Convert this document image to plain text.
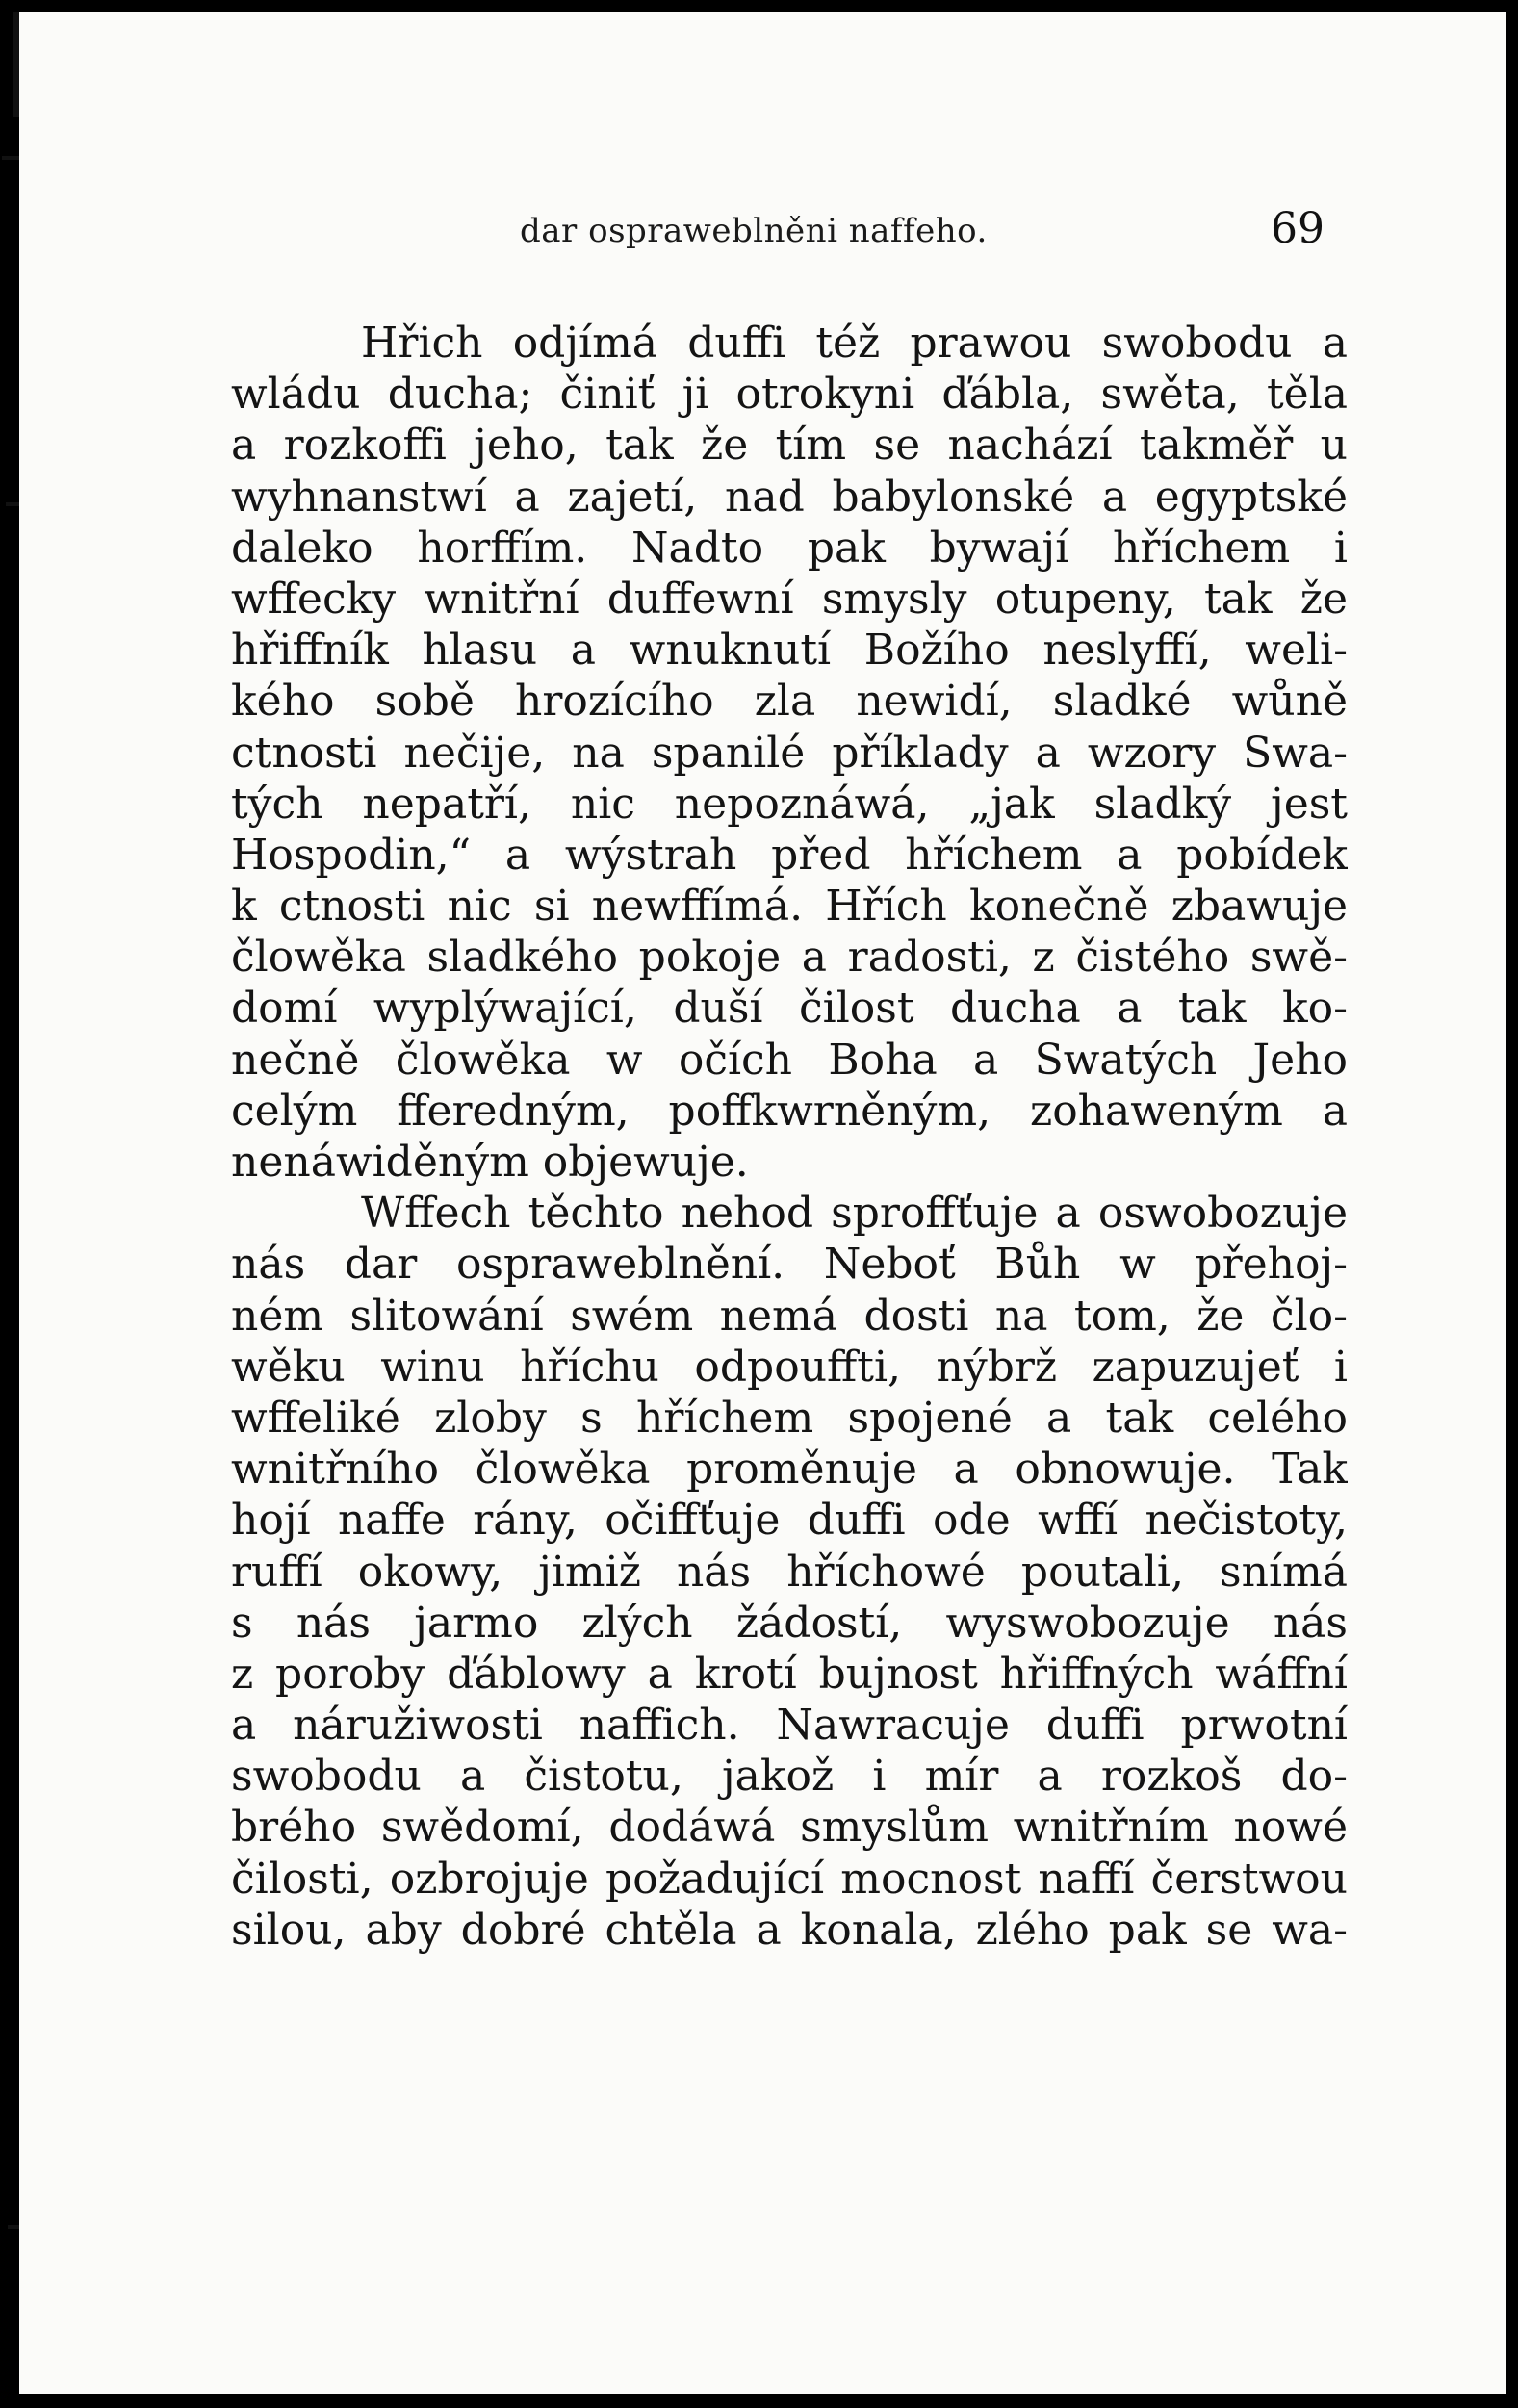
dar ospraweblněni naffeho.	69
Hřich odjímá duffi též prawou swobodu a
wládu ducha; činiť ji otrokyni ďábla, swěta, těla
a rozkoffi jeho, tak že tím se nachází takměř u
wyhnanstwí a zajetí, nad babylonské a egyptské
daleko horffím. Nadto pak bywají hříchem i
wffecky wnitřní duffewní smysly otupeny, tak že
hřiffník hlasu a wnuknutí Božího neslyffí, weli-
kého sobě hrozícího zla newidí, sladké wůně
ctnosti nečije, na spanilé příklady a wzory Swa-
tých nepatří, nic nepoznáwá, „jak sladký jest
Hospodin,“ a wýstrah před hříchem a pobídek
k ctnosti nic si newffímá. Hřích konečně zbawuje
člowěka sladkého pokoje a radosti, z čistého swě-
domí wyplýwající, duší čilost ducha a tak ko-
nečně člowěka w očích Boha a Swatých Jeho
celým fferedným, poffkwrněným, zohawеným a
nenáwiděným objewuje.
Wffech těchto nehod sproffťuje a oswobozuje
nás dar ospraweblnění. Neboť Bůh w přehoj-
ném slitowání swém nemá dosti na tom, že člo-
wěku winu hříchu odpouffti, nýbrž zapuzujeť i
wffeliké zloby s hříchem spojené a tak celého
wnitřního člowěka proměnuje a obnowuje. Tak
hojí naffe rány, očiffťuje duffi ode wffí nečistoty,
ruffí okowy, jimiž nás hříchowé poutali, snímá
s nás jarmo zlých žádostí, wyswobozuje nás
z poroby ďáblowy a krotí bujnost hřiffných wáffní
a náružiwosti naffich. Nawracuje duffi prwotní
swobodu a čistotu, jakož i mír a rozkoš do-
brého swědomí, dodáwá smyslům wnitřním nowé
čilosti, ozbrojuje požadující mocnost naffí čerstwou
silou, aby dobré chtěla a konala, zlého pak se wa-
